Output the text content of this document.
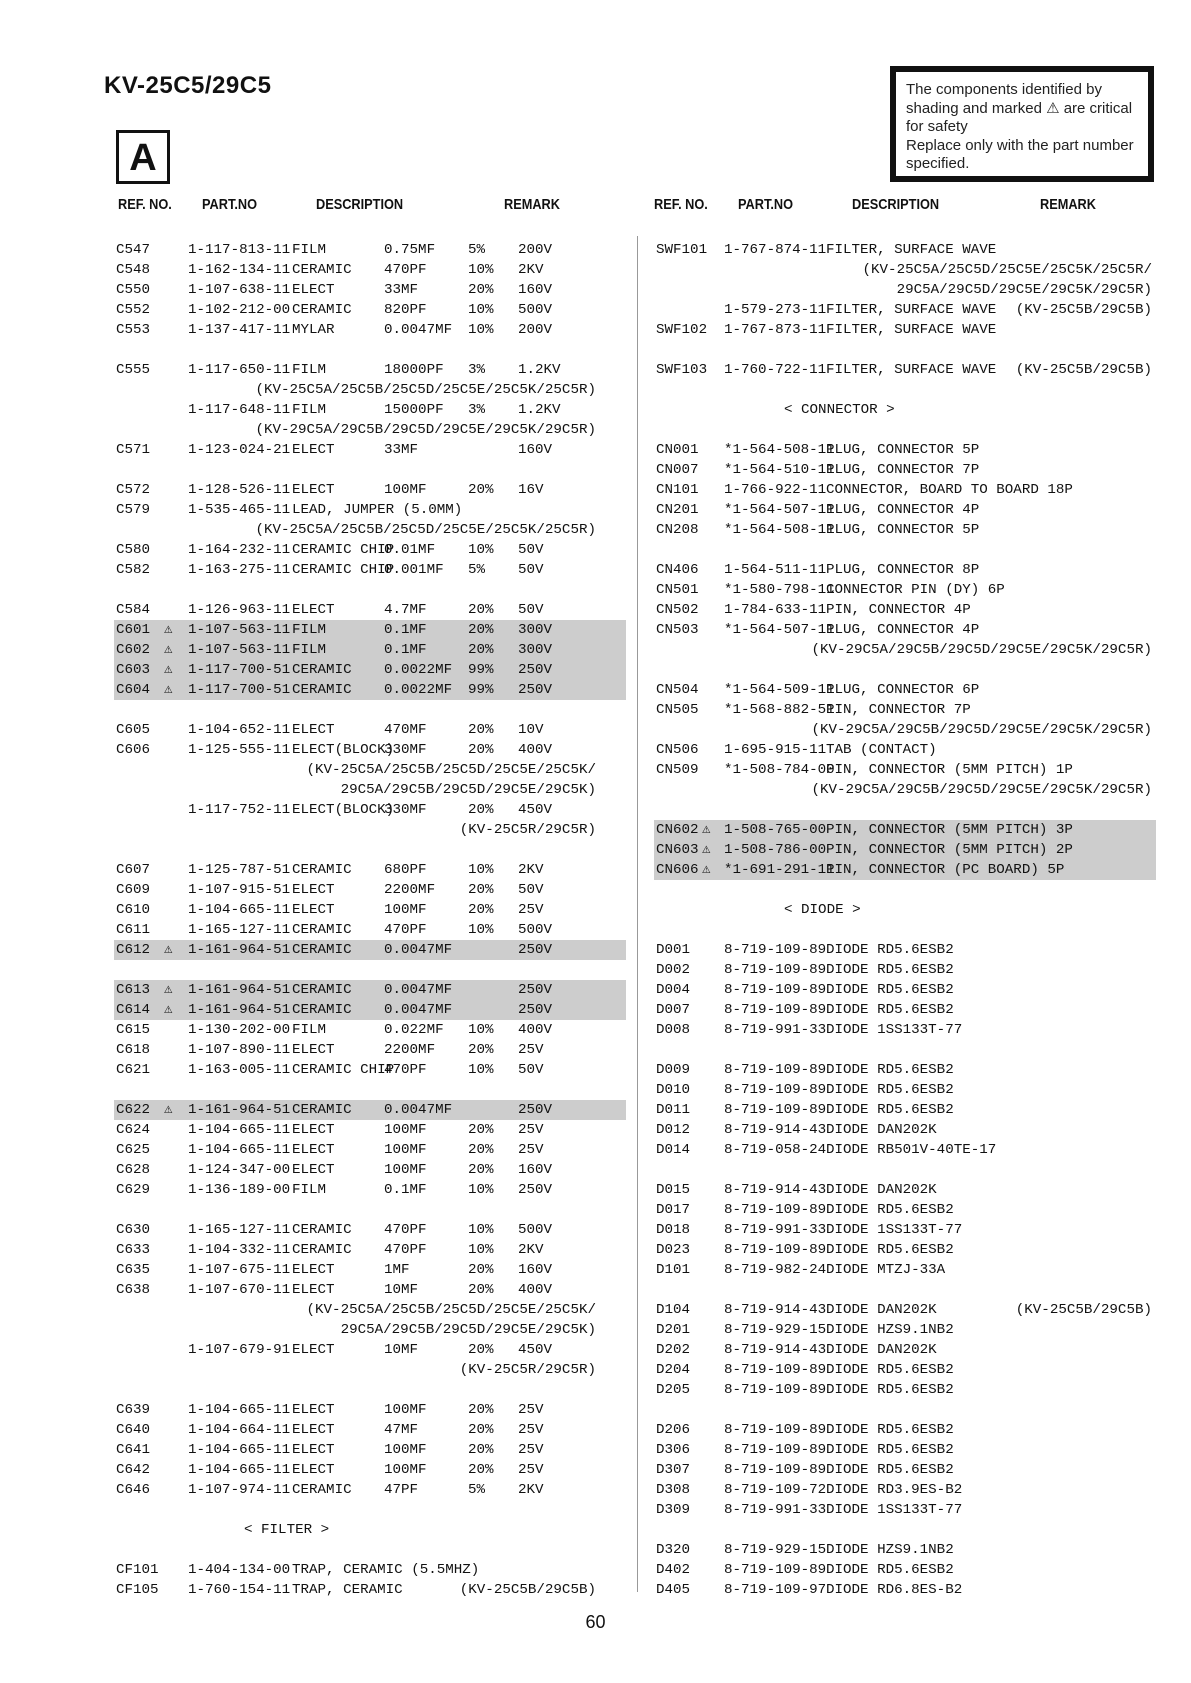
KV-25C5/29C5
A
The components identified by
shading and marked ⚠ are critical
for safety
Replace only with the part number
specified.
REF. NO. PART.NO	DESCRIPTION	REMARK	REF. NO. PART.NO	DESCRIPTION	REMARK
C547	1-117-813-11 FILM	0.75MF 5% 200V
C548	1-162-134-11 CERAMIC 470PF	10% 2KV
C550	1-107-638-11 ELECT	33MF	20% 160V
C552	1-102-212-00 CERAMIC 820PF	10% 500V
C553	1-137-417-11 MYLAR	0.0047MF 10% 200V
C555	1-117-650-11 FILM	18000PF 3% 1.2KV
(KV-25C5A/25C5B/25C5D/25C5E/25C5K/25C5R)
1-117-648-11 FILM	15000PF 3% 1.2KV
(KV-29C5A/29C5B/29C5D/29C5E/29C5K/29C5R)
C571	1-123-024-21 ELECT	33MF	160V
C572	1-128-526-11 ELECT	100MF	20% 16V
C579	1-535-465-11 LEAD, JUMPER (5.0MM)
(KV-25C5A/25C5B/25C5D/25C5E/25C5K/25C5R)
C580	1-164-232-11 CERAMIC CHIP
0.01MF 10% 50V
C582	1-163-275-11 CERAMIC CHIP
0.001MF 5% 50V
C584	1-126-963-11 ELECT	4.7MF	20% 50V
C601 ⚠ 1-107-563-11 FILM	0.1MF	20% 300V
C602 ⚠ 1-107-563-11 FILM	0.1MF	20% 300V
C603 ⚠ 1-117-700-51 CERAMIC 0.0022MF 99% 250V
C604 ⚠ 1-117-700-51 CERAMIC 0.0022MF 99% 250V
C605	1-104-652-11 ELECT	470MF	20% 10V
C606	1-125-555-11 ELECT(BLOCK)
330MF	20% 400V
(KV-25C5A/25C5B/25C5D/25C5E/25C5K/
29C5A/29C5B/29C5D/29C5E/29C5K)
1-117-752-11 ELECT(BLOCK)
330MF	20% 450V
(KV-25C5R/29C5R)
C607	1-125-787-51 CERAMIC 680PF	10% 2KV
C609	1-107-915-51 ELECT	2200MF 20% 50V
C610	1-104-665-11 ELECT	100MF	20% 25V
C611	1-165-127-11 CERAMIC 470PF	10% 500V
C612 ⚠ 1-161-964-51 CERAMIC 0.0047MF	250V
C613 ⚠ 1-161-964-51 CERAMIC 0.0047MF	250V
C614 ⚠ 1-161-964-51 CERAMIC 0.0047MF	250V
C615	1-130-202-00 FILM	0.022MF 10% 400V
C618	1-107-890-11 ELECT	2200MF 20% 25V
C621	1-163-005-11 CERAMIC CHIP
470PF	10% 50V
C622 ⚠ 1-161-964-51 CERAMIC 0.0047MF	250V
C624	1-104-665-11 ELECT	100MF	20% 25V
C625	1-104-665-11 ELECT	100MF	20% 25V
C628	1-124-347-00 ELECT	100MF	20% 160V
C629	1-136-189-00 FILM	0.1MF	10% 250V
C630	1-165-127-11 CERAMIC 470PF	10% 500V
C633	1-104-332-11 CERAMIC 470PF	10% 2KV
C635	1-107-675-11 ELECT	1MF	20% 160V
C638	1-107-670-11 ELECT	10MF	20% 400V
(KV-25C5A/25C5B/25C5D/25C5E/25C5K/
29C5A/29C5B/29C5D/29C5E/29C5K)
1-107-679-91 ELECT	10MF	20% 450V
(KV-25C5R/29C5R)
C639	1-104-665-11 ELECT	100MF	20% 25V
C640	1-104-664-11 ELECT	47MF	20% 25V
C641	1-104-665-11 ELECT	100MF	20% 25V
C642	1-104-665-11 ELECT	100MF	20% 25V
C646	1-107-974-11 CERAMIC 47PF	5% 2KV
< FILTER >
CF101 1-404-134-00 TRAP, CERAMIC (5.5MHZ)
CF105 1-760-154-11 TRAP, CERAMIC	(KV-25C5B/29C5B)
SWF101 1-767-874-11 FILTER, SURFACE WAVE
(KV-25C5A/25C5D/25C5E/25C5K/25C5R/
29C5A/29C5D/29C5E/29C5K/29C5R)
1-579-273-11 FILTER, SURFACE WAVE (KV-25C5B/29C5B)
SWF102 1-767-873-11 FILTER, SURFACE WAVE
SWF103 1-760-722-11 FILTER, SURFACE WAVE (KV-25C5B/29C5B)
< CONNECTOR >
CN001 *1-564-508-11
PLUG, CONNECTOR 5P
CN007 *1-564-510-11
PLUG, CONNECTOR 7P
CN101 1-766-922-11 CONNECTOR, BOARD TO BOARD 18P
CN201 *1-564-507-11
PLUG, CONNECTOR 4P
CN208 *1-564-508-11
PLUG, CONNECTOR 5P
CN406 1-564-511-11 PLUG, CONNECTOR 8P
CN501 *1-580-798-11
CONNECTOR PIN (DY) 6P
CN502 1-784-633-11 PIN, CONNECTOR 4P
CN503 *1-564-507-11
PLUG, CONNECTOR 4P
(KV-29C5A/29C5B/29C5D/29C5E/29C5K/29C5R)
CN504 *1-564-509-11
PLUG, CONNECTOR 6P
CN505 *1-568-882-51
PIN, CONNECTOR 7P
(KV-29C5A/29C5B/29C5D/29C5E/29C5K/29C5R)
CN506 1-695-915-11 TAB (CONTACT)
CN509 *1-508-784-00
PIN, CONNECTOR (5MM PITCH) 1P
(KV-29C5A/29C5B/29C5D/29C5E/29C5K/29C5R)
CN602 ⚠ 1-508-765-00 PIN, CONNECTOR (5MM PITCH) 3P
CN603 ⚠ 1-508-786-00 PIN, CONNECTOR (5MM PITCH) 2P
CN606 ⚠ *1-691-291-11
PIN, CONNECTOR (PC BOARD) 5P
< DIODE >
D001 8-719-109-89 DIODE RD5.6ESB2
D002 8-719-109-89 DIODE RD5.6ESB2
D004 8-719-109-89 DIODE RD5.6ESB2
D007 8-719-109-89 DIODE RD5.6ESB2
D008 8-719-991-33 DIODE 1SS133T-77
D009 8-719-109-89 DIODE RD5.6ESB2
D010 8-719-109-89 DIODE RD5.6ESB2
D011 8-719-109-89 DIODE RD5.6ESB2
D012 8-719-914-43 DIODE DAN202K
D014 8-719-058-24 DIODE RB501V-40TE-17
D015 8-719-914-43 DIODE DAN202K
D017 8-719-109-89 DIODE RD5.6ESB2
D018 8-719-991-33 DIODE 1SS133T-77
D023 8-719-109-89 DIODE RD5.6ESB2
D101 8-719-982-24 DIODE MTZJ-33A
D104 8-719-914-43 DIODE DAN202K	(KV-25C5B/29C5B)
D201 8-719-929-15 DIODE HZS9.1NB2
D202 8-719-914-43 DIODE DAN202K
D204 8-719-109-89 DIODE RD5.6ESB2
D205 8-719-109-89 DIODE RD5.6ESB2
D206 8-719-109-89 DIODE RD5.6ESB2
D306 8-719-109-89 DIODE RD5.6ESB2
D307 8-719-109-89 DIODE RD5.6ESB2
D308 8-719-109-72 DIODE RD3.9ES-B2
D309 8-719-991-33 DIODE 1SS133T-77
D320 8-719-929-15 DIODE HZS9.1NB2
D402 8-719-109-89 DIODE RD5.6ESB2
D405 8-719-109-97 DIODE RD6.8ES-B2
60
